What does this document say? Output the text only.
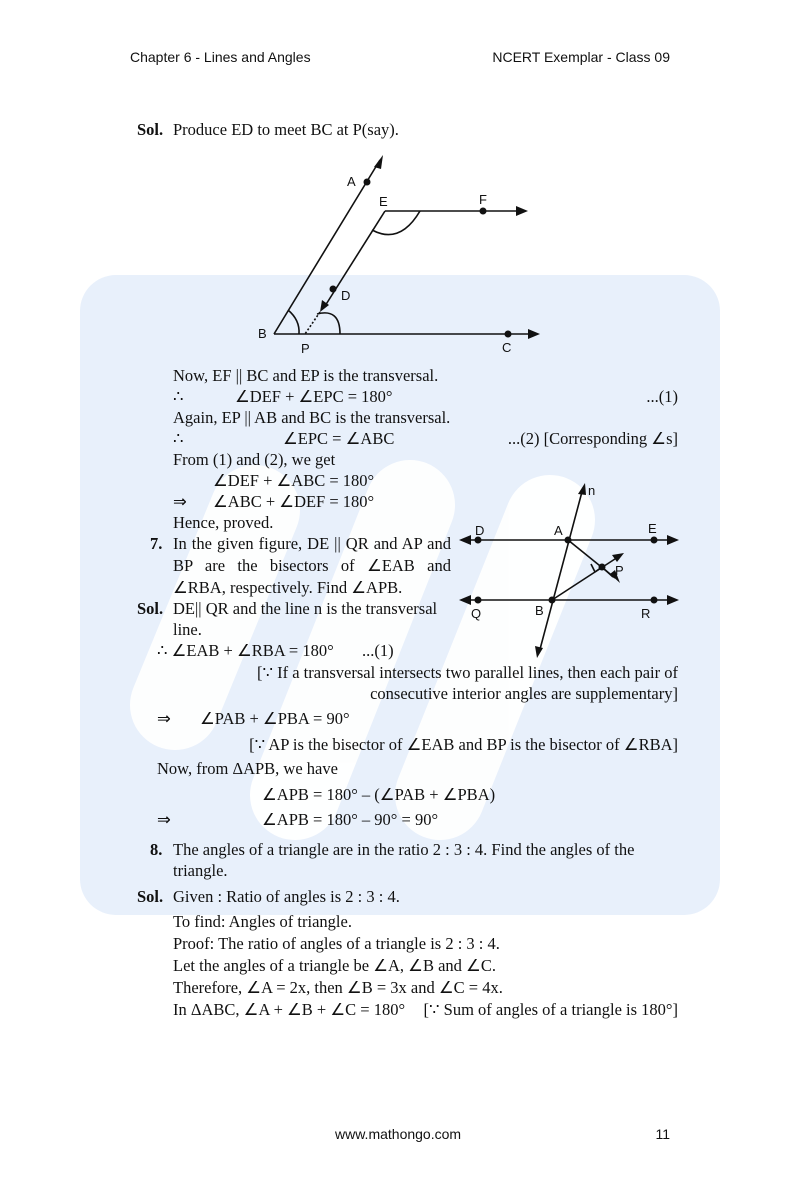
Chapter 6 - Lines and Angles	NCERT Exemplar - Class 09
Sol. Produce ED to meet BC at P(say).
A
E	F
D
B
P	C
Now, EF || BC and EP is the transversal.
∴	∠DEF + ∠EPC = 180°	...(1)
Again, EP || AB and BC is the transversal.
∴	∠EPC = ∠ABC	...(2) [Corresponding ∠s]
From (1) and (2), we get
∠DEF + ∠ABC = 180°
⇒ ∠ABC + ∠DEF = 180°
Hence, proved.
7. In the given figure, DE || QR and AP and
BP are the bisectors of ∠EAB and
∠RBA, respectively. Find ∠APB.
n
D	A	E
P
Q	B	R
Sol. DE|| QR and the line n is the transversal
line.
∴ ∠EAB + ∠RBA = 180° ...(1)
[∵ If a transversal intersects two parallel lines, then each pair of
consecutive interior angles are supplementary]
⇒ ∠PAB + ∠PBA = 90°
[∵ AP is the bisector of ∠EAB and BP is the bisector of ∠RBA]
Now, from ΔAPB, we have
∠APB = 180° – (∠PAB + ∠PBA)
⇒	∠APB = 180° – 90° = 90°
8. The angles of a triangle are in the ratio 2 : 3 : 4. Find the angles of the
triangle.
Sol. Given : Ratio of angles is 2 : 3 : 4.
To find: Angles of triangle.
Proof: The ratio of angles of a triangle is 2 : 3 : 4.
Let the angles of a triangle be ∠A, ∠B and ∠C.
Therefore, ∠A = 2x, then ∠B = 3x and ∠C = 4x.
In ΔABC, ∠A + ∠B + ∠C = 180° [∵ Sum of angles of a triangle is 180°]
www.mathongo.com	11
